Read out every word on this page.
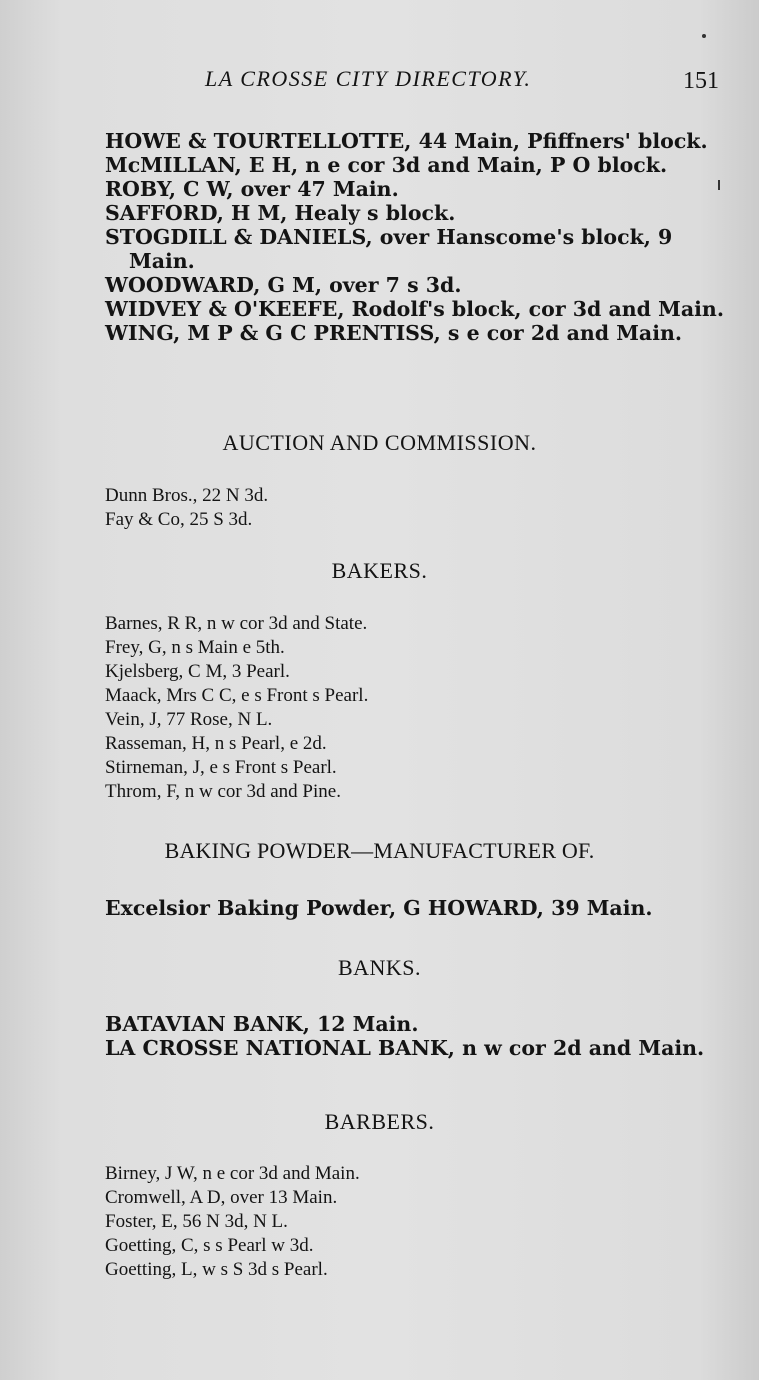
LA CROSSE CITY DIRECTORY.	151

HOWE & TOURTELLOTTE, 44 Main, Pfiffners' block.

McMILLAN, E H, n e cor 3d and Main, P O block.

ROBY, C W, over 47 Main.

SAFFORD, H M, Healy s block.

STOGDILL & DANIELS, over Hanscome's block, 9 Main.

WOODWARD, G M, over 7 s 3d.

WIDVEY & O'KEEFE, Rodolf's block, cor 3d and Main.

WING, M P & G C PRENTISS, s e cor 2d and Main.

AUCTION AND COMMISSION.

Dunn Bros., 22 N 3d.

Fay & Co, 25 S 3d.

BAKERS.

Barnes, R R, n w cor 3d and State.

Frey, G, n s Main e 5th.

Kjelsberg, C M, 3 Pearl.

Maack, Mrs C C, e s Front s Pearl.

Vein, J, 77 Rose, N L.

Rasseman, H, n s Pearl, e 2d.

Stirneman, J, e s Front s Pearl.

Throm, F, n w cor 3d and Pine.

BAKING POWDER—MANUFACTURER OF.

Excelsior Baking Powder, G HOWARD, 39 Main.

BANKS.

BATAVIAN BANK, 12 Main.

LA CROSSE NATIONAL BANK, n w cor 2d and Main.

BARBERS.

Birney, J W, n e cor 3d and Main.

Cromwell, A D, over 13 Main.

Foster, E, 56 N 3d, N L.

Goetting, C, s s Pearl w 3d.

Goetting, L, w s S 3d s Pearl.
